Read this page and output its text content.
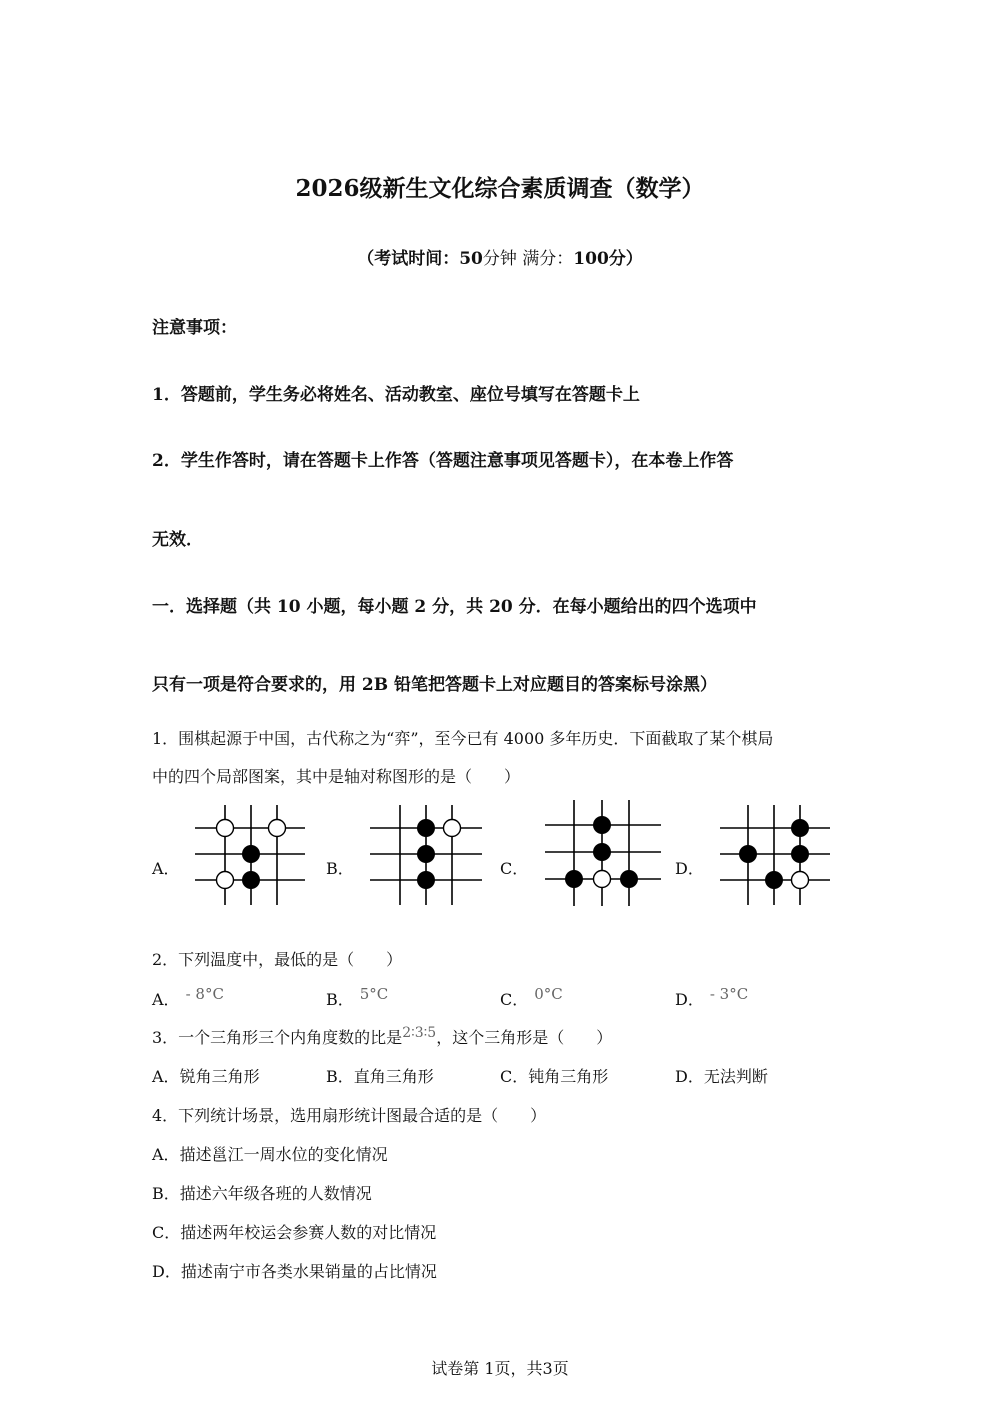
2026级新生文化综合素质调查（数学）
（考试时间：50分钟 满分：100分）
注意事项：
1．答题前，学生务必将姓名、活动教室、座位号填写在答题卡上
2．学生作答时，请在答题卡上作答（答题注意事项见答题卡），在本卷上作答
无效．
一．选择题（共 10 小题，每小题 2 分，共 20 分．在每小题给出的四个选项中
只有一项是符合要求的，用 2B 铅笔把答题卡上对应题目的答案标号涂黑）
1．围棋起源于中国，古代称之为“弈”，至今已有 4000 多年历史．下面截取了某个棋局
中的四个局部图案，其中是轴对称图形的是（　　）
A．	B．	C．	D．
2．下列温度中，最低的是（　　）
A． - 8°C	B． 5°C	C． 0°C	D． - 3°C
3．一个三角形三个内角度数的比是2∶3∶5，这个三角形是（　　）
A．锐角三角形	B．直角三角形	C．钝角三角形	D．无法判断
4．下列统计场景，选用扇形统计图最合适的是（　　）
A．描述邕江一周水位的变化情况
B．描述六年级各班的人数情况
C．描述两年校运会参赛人数的对比情况
D．描述南宁市各类水果销量的占比情况
试卷第 1页，共3页
